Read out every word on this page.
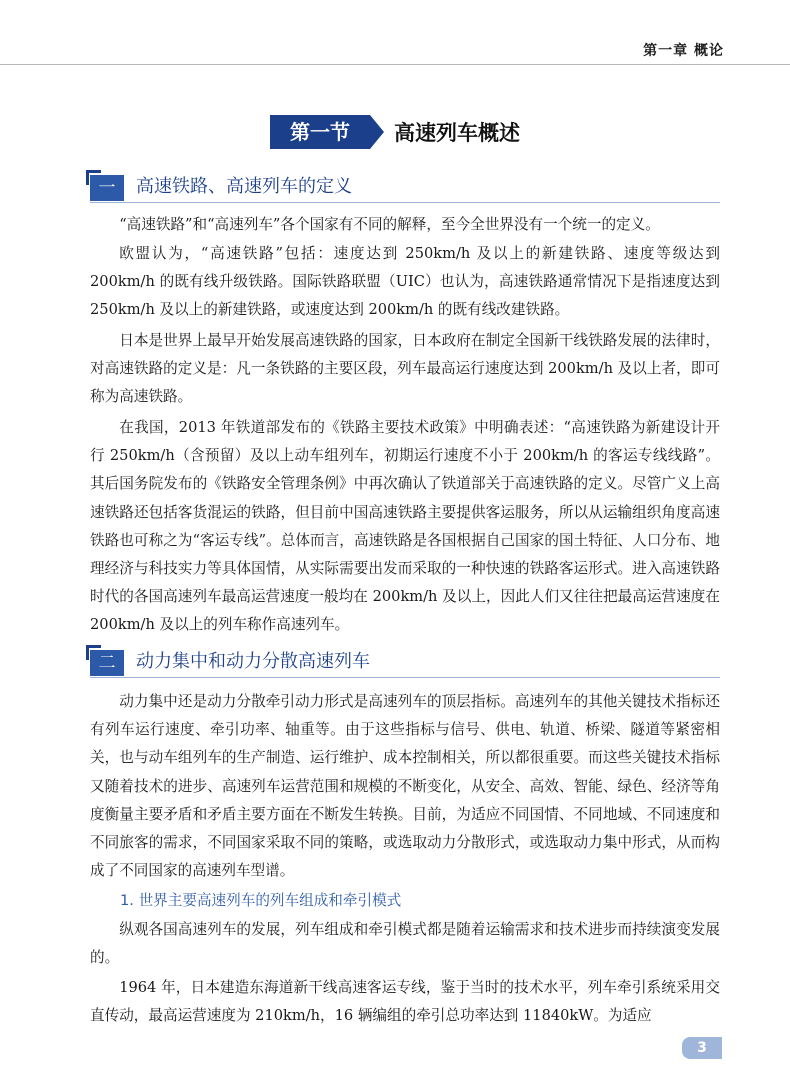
第一章 概论
第一节 高速列车概述
一	高速铁路、高速列车的定义

“高速铁路”和“高速列车”各个国家有不同的解释，至今全世界没有一个统一的定义。

欧盟认为，“高速铁路”包括：速度达到 250km/h 及以上的新建铁路、速度等级达到 200km/h 的既有线升级铁路。国际铁路联盟（UIC）也认为，高速铁路通常情况下是指速度达到 250km/h 及以上的新建铁路，或速度达到 200km/h 的既有线改建铁路。

日本是世界上最早开始发展高速铁路的国家，日本政府在制定全国新干线铁路发展的法律时，对高速铁路的定义是：凡一条铁路的主要区段，列车最高运行速度达到 200km/h 及以上者，即可称为高速铁路。

在我国，2013 年铁道部发布的《铁路主要技术政策》中明确表述：“高速铁路为新建设计开行 250km/h（含预留）及以上动车组列车，初期运行速度不小于 200km/h 的客运专线线路”。其后国务院发布的《铁路安全管理条例》中再次确认了铁道部关于高速铁路的定义。尽管广义上高速铁路还包括客货混运的铁路，但目前中国高速铁路主要提供客运服务，所以从运输组织角度高速铁路也可称之为“客运专线”。总体而言，高速铁路是各国根据自己国家的国土特征、人口分布、地理经济与科技实力等具体国情，从实际需要出发而采取的一种快速的铁路客运形式。进入高速铁路时代的各国高速列车最高运营速度一般均在 200km/h 及以上，因此人们又往往把最高运营速度在 200km/h 及以上的列车称作高速列车。

二	动力集中和动力分散高速列车

动力集中还是动力分散牵引动力形式是高速列车的顶层指标。高速列车的其他关键技术指标还有列车运行速度、牵引功率、轴重等。由于这些指标与信号、供电、轨道、桥梁、隧道等紧密相关，也与动车组列车的生产制造、运行维护、成本控制相关，所以都很重要。而这些关键技术指标又随着技术的进步、高速列车运营范围和规模的不断变化，从安全、高效、智能、绿色、经济等角度衡量主要矛盾和矛盾主要方面在不断发生转换。目前，为适应不同国情、不同地域、不同速度和不同旅客的需求，不同国家采取不同的策略，或选取动力分散形式，或选取动力集中形式，从而构成了不同国家的高速列车型谱。

1. 世界主要高速列车的列车组成和牵引模式

纵观各国高速列车的发展，列车组成和牵引模式都是随着运输需求和技术进步而持续演变发展的。

1964 年，日本建造东海道新干线高速客运专线，鉴于当时的技术水平，列车牵引系统采用交直传动，最高运营速度为 210km/h，16 辆编组的牵引总功率达到 11840kW。为适应

3
